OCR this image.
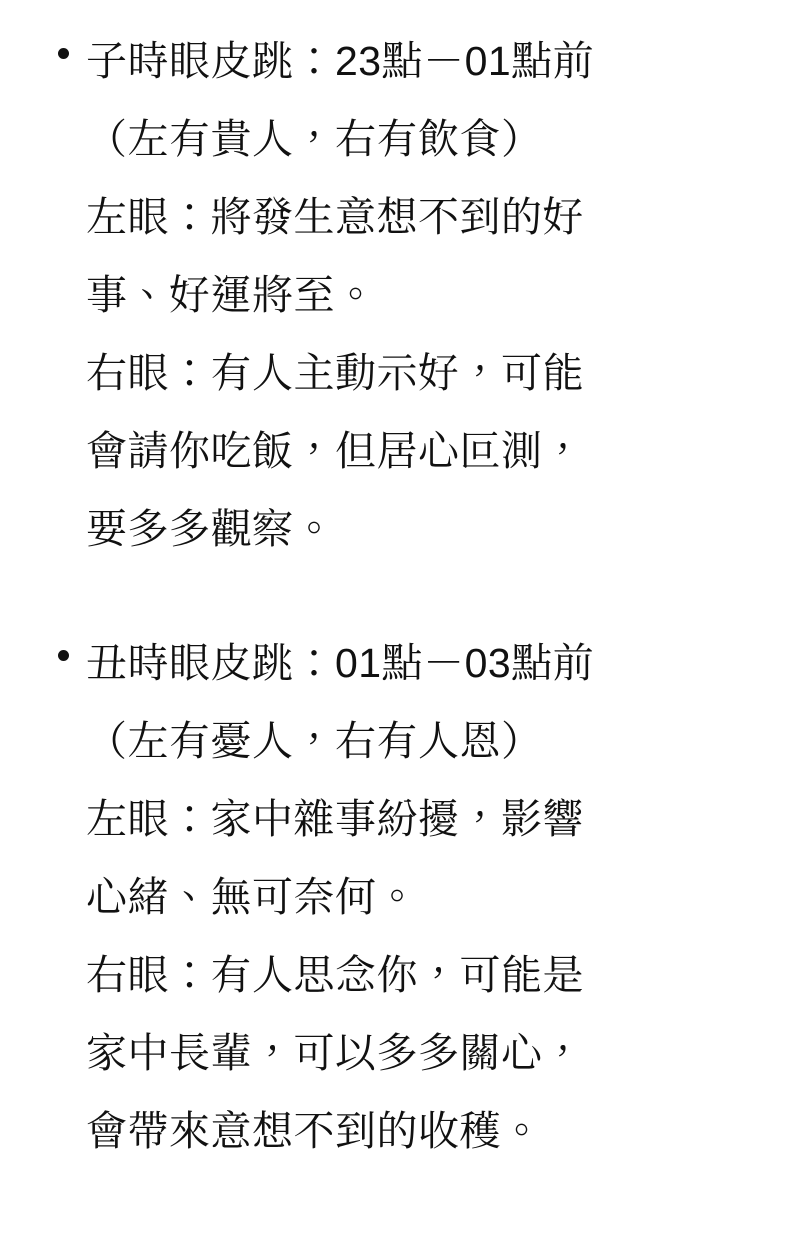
子時眼皮跳：23點－01點前
（左有貴人，右有飲食）
左眼：將發生意想不到的好
事、好運將至。
右眼：有人主動示好，可能
會請你吃飯，但居心叵測，
要多多觀察。
丑時眼皮跳：01點－03點前
（左有憂人，右有人恩）
左眼：家中雜事紛擾，影響
心緒、無可奈何。
右眼：有人思念你，可能是
家中長輩，可以多多關心，
會帶來意想不到的收穫。
